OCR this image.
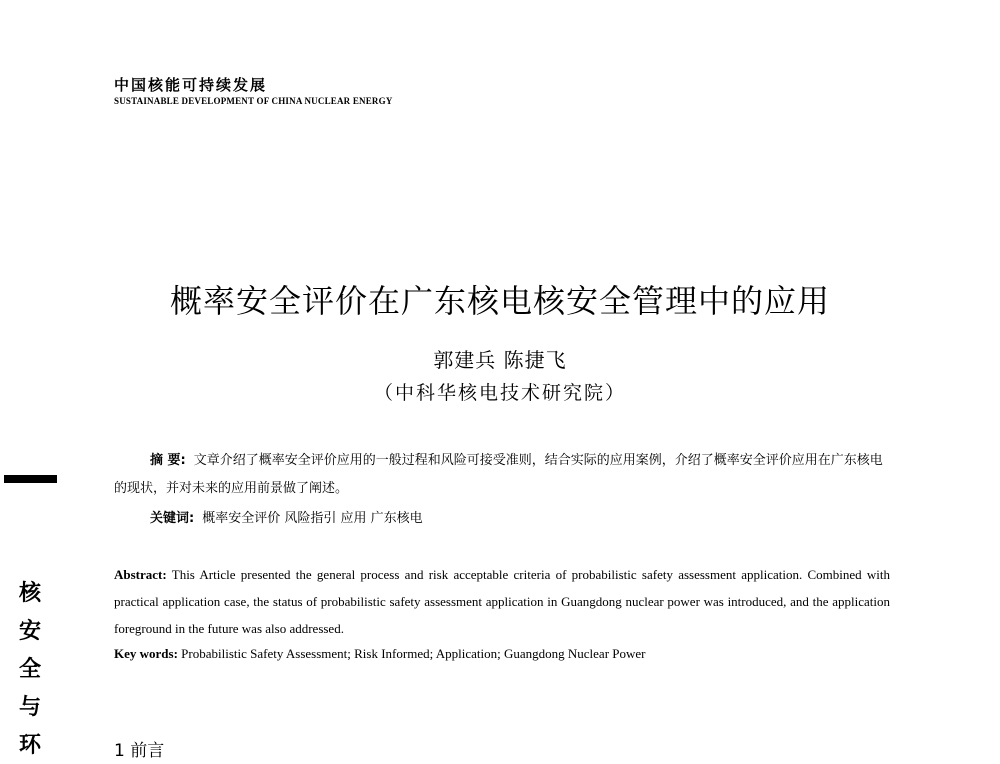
中国核能可持续发展
SUSTAINABLE DEVELOPMENT OF CHINA NUCLEAR ENERGY
概率安全评价在广东核电核安全管理中的应用
郭建兵 陈捷飞
（中科华核电技术研究院）
摘 要: 文章介绍了概率安全评价应用的一般过程和风险可接受准则，结合实际的应用案例，介绍了概率安全评价应用在广东核电的现状，并对未来的应用前景做了阐述。
关键词: 概率安全评价 风险指引 应用 广东核电
Abstract: This Article presented the general process and risk acceptable criteria of probabilistic safety assessment application. Combined with practical application case, the status of probabilistic safety assessment application in Guangdong nuclear power was introduced, and the application foreground in the future was also addressed.
Key words: Probabilistic Safety Assessment; Risk Informed; Application; Guangdong Nuclear Power
1 前言
核
安
全
与
环
